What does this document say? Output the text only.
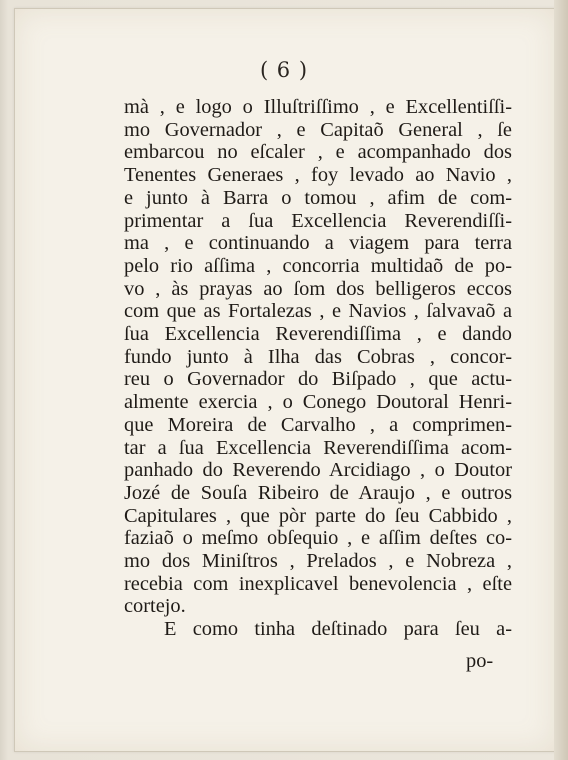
( 6 )
mà , e logo o Illuſtriſſimo , e Excellentiſſi-
mo Governador , e Capitaõ General , ſe
embarcou no eſcaler , e acompanhado dos
Tenentes Generaes , foy levado ao Navio ,
e junto à Barra o tomou , afim de com-
primentar a ſua Excellencia Reverendiſſi-
ma , e continuando a viagem para terra
pelo rio aſſima , concorria multidaõ de po-
vo , às prayas ao ſom dos belligeros eccos
com que as Fortalezas , e Navios , ſalvavaõ a
ſua Excellencia Reverendiſſima , e dando
fundo junto à Ilha das Cobras , concor-
reu o Governador do Biſpado , que actu-
almente exercia , o Conego Doutoral Henri-
que Moreira de Carvalho , a comprimen-
tar a ſua Excellencia Reverendiſſima acom-
panhado do Reverendo Arcidiago , o Doutor
Jozé de Souſa Ribeiro de Araujo , e outros
Capitulares , que pòr parte do ſeu Cabbido ,
faziaõ o meſmo obſequio , e aſſim deſtes co-
mo dos Miniſtros , Prelados , e Nobreza ,
recebia com inexplicavel benevolencia , eſte
cortejo.
E como tinha deſtinado para ſeu a-
po-
